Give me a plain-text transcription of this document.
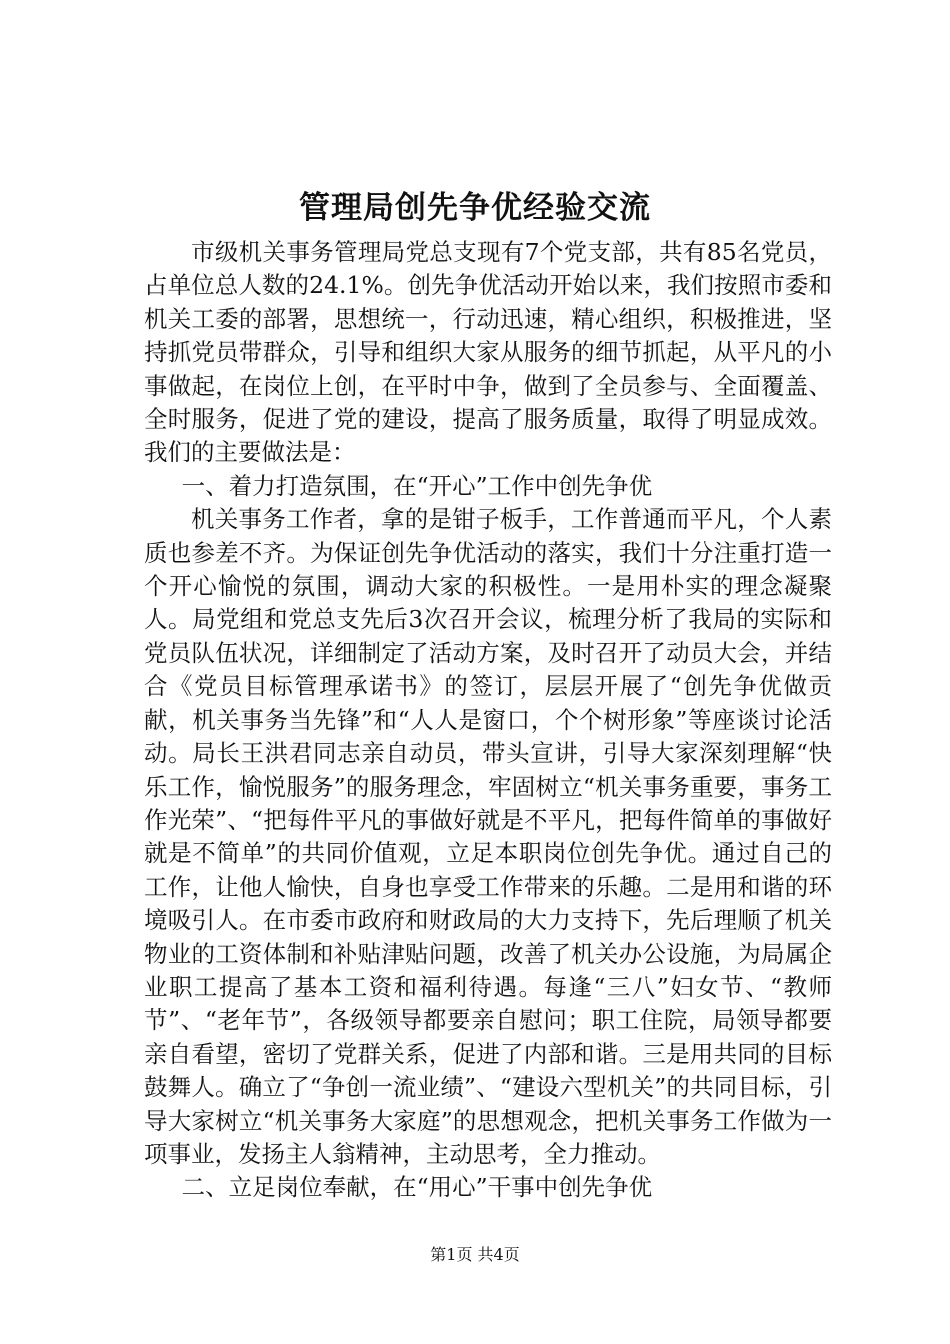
管理局创先争优经验交流

市级机关事务管理局党总支现有7个党支部，共有85名党员，占单位总人数的24.1%。创先争优活动开始以来，我们按照市委和机关工委的部署，思想统一，行动迅速，精心组织，积极推进，坚持抓党员带群众，引导和组织大家从服务的细节抓起，从平凡的小事做起，在岗位上创，在平时中争，做到了全员参与、全面覆盖、全时服务，促进了党的建设，提高了服务质量，取得了明显成效。我们的主要做法是：

一、着力打造氛围，在“开心”工作中创先争优

机关事务工作者，拿的是钳子板手，工作普通而平凡，个人素质也参差不齐。为保证创先争优活动的落实，我们十分注重打造一个开心愉悦的氛围，调动大家的积极性。一是用朴实的理念凝聚人。局党组和党总支先后3次召开会议，梳理分析了我局的实际和党员队伍状况，详细制定了活动方案，及时召开了动员大会，并结合《党员目标管理承诺书》的签订，层层开展了“创先争优做贡献，机关事务当先锋”和“人人是窗口，个个树形象”等座谈讨论活动。局长王洪君同志亲自动员，带头宣讲，引导大家深刻理解“快乐工作，愉悦服务”的服务理念，牢固树立“机关事务重要，事务工作光荣”、“把每件平凡的事做好就是不平凡，把每件简单的事做好就是不简单”的共同价值观，立足本职岗位创先争优。通过自己的工作，让他人愉快，自身也享受工作带来的乐趣。二是用和谐的环境吸引人。在市委市政府和财政局的大力支持下，先后理顺了机关物业的工资体制和补贴津贴问题，改善了机关办公设施，为局属企业职工提高了基本工资和福利待遇。每逢“三八”妇女节、“教师节”、“老年节”，各级领导都要亲自慰问；职工住院，局领导都要亲自看望，密切了党群关系，促进了内部和谐。三是用共同的目标鼓舞人。确立了“争创一流业绩”、“建设六型机关”的共同目标，引导大家树立“机关事务大家庭”的思想观念，把机关事务工作做为一项事业，发扬主人翁精神，主动思考，全力推动。

二、立足岗位奉献，在“用心”干事中创先争优

第1页 共4页
